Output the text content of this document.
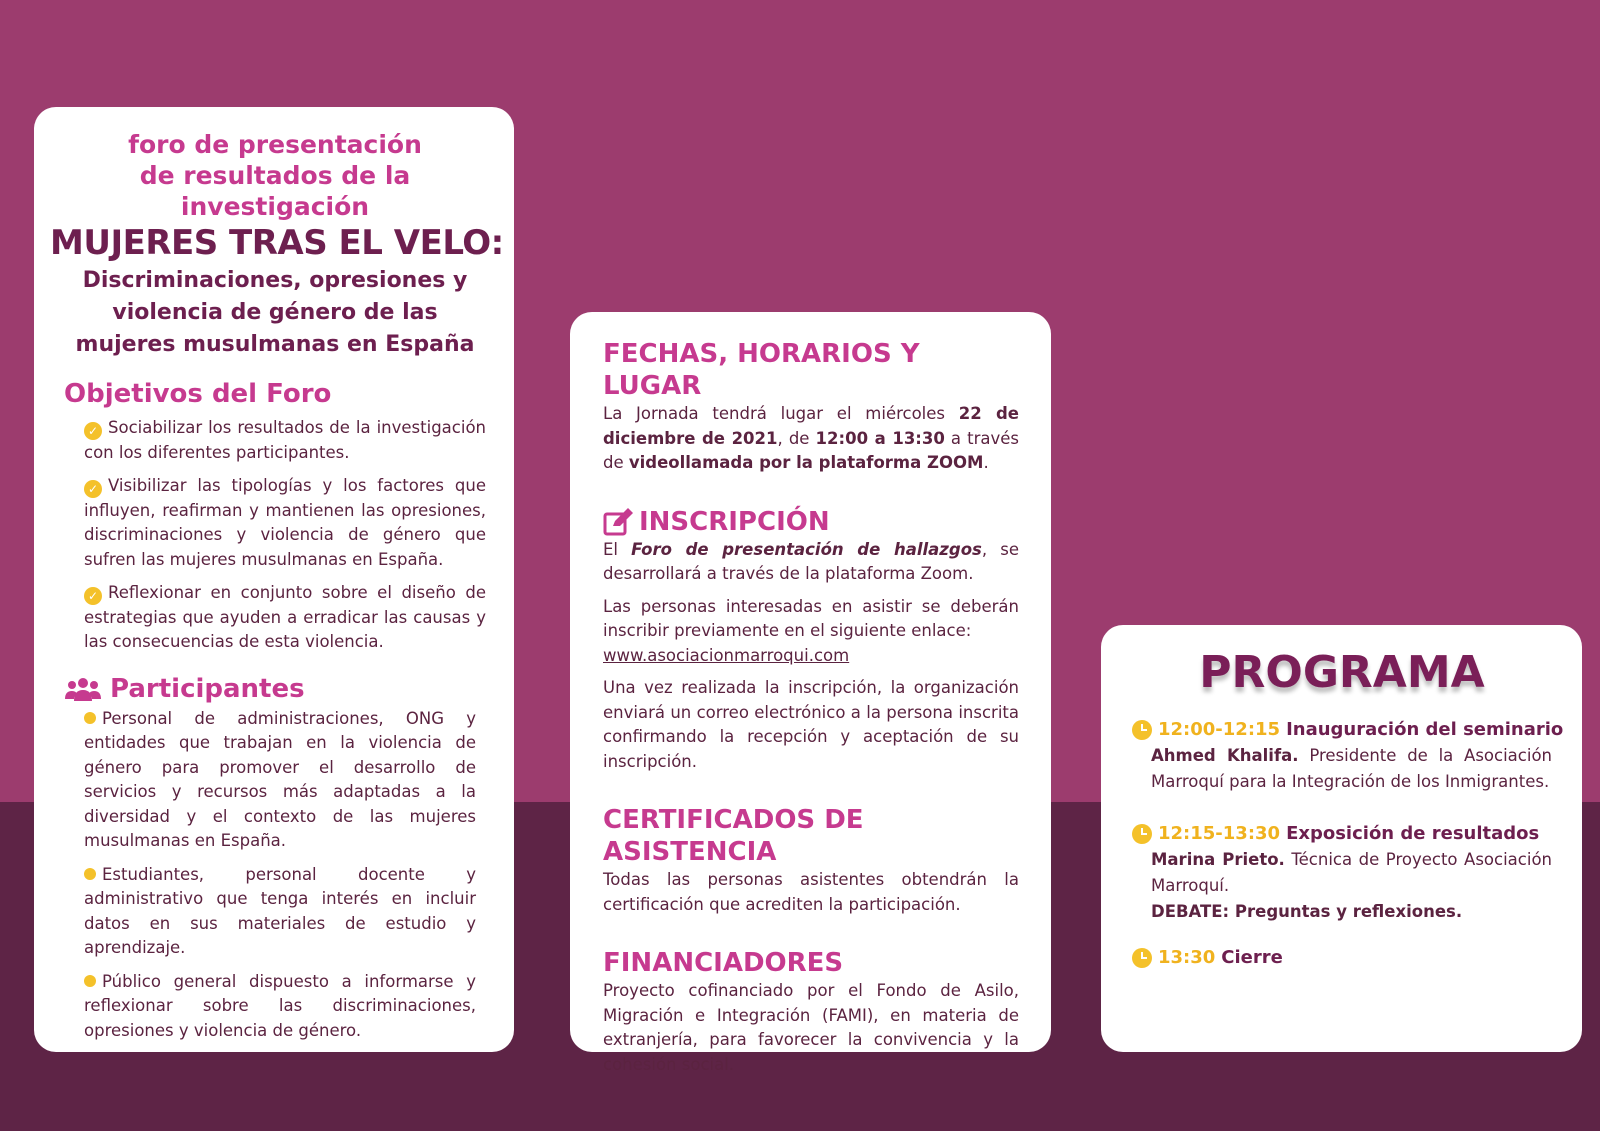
foro de presentación
de resultados de la investigación
MUJERES TRAS EL VELO:
Discriminaciones, opresiones y
violencia de género de las
mujeres musulmanas en España
Objetivos del Foro
✓ Sociabilizar los resultados de la investigación con los diferentes participantes.
✓ Visibilizar las tipologías y los factores que influyen, reafirman y mantienen las opresiones, discriminaciones y violencia de género que sufren las mujeres musulmanas en España.
✓ Reflexionar en conjunto sobre el diseño de estrategias que ayuden a erradicar las causas y las consecuencias de esta violencia.
Participantes
Personal de administraciones, ONG y entidades que trabajan en la violencia de género para promover el desarrollo de servicios y recursos más adaptadas a la diversidad y el contexto de las mujeres musulmanas en España.
Estudiantes, personal docente y administrativo que tenga interés en incluir datos en sus materiales de estudio y aprendizaje.
Público general dispuesto a informarse y reflexionar sobre las discriminaciones, opresiones y violencia de género.
FECHAS, HORARIOS Y LUGAR

La Jornada tendrá lugar el miércoles 22 de diciembre de 2021, de 12:00 a 13:30 a través de videollamada por la plataforma ZOOM.

INSCRIPCIÓN

El Foro de presentación de hallazgos, se desarrollará a través de la plataforma Zoom.

Las personas interesadas en asistir se deberán inscribir previamente en el siguiente enlace:
www.asociacionmarroqui.com

Una vez realizada la inscripción, la organización enviará un correo electrónico a la persona inscrita confirmando la recepción y aceptación de su inscripción.

CERTIFICADOS DE ASISTENCIA

Todas las personas asistentes obtendrán la certificación que acrediten la participación.

FINANCIADORES

Proyecto cofinanciado por el Fondo de Asilo, Migración e Integración (FAMI), en materia de extranjería, para favorecer la convivencia y la cohesión social.

PROGRAMA
12:00-12:15 Inauguración del seminario
Ahmed Khalifa. Presidente de la Asociación Marroquí para la Integración de los Inmigrantes.
12:15-13:30 Exposición de resultados
Marina Prieto. Técnica de Proyecto Asociación Marroquí.
DEBATE: Preguntas y reflexiones.
13:30 Cierre
